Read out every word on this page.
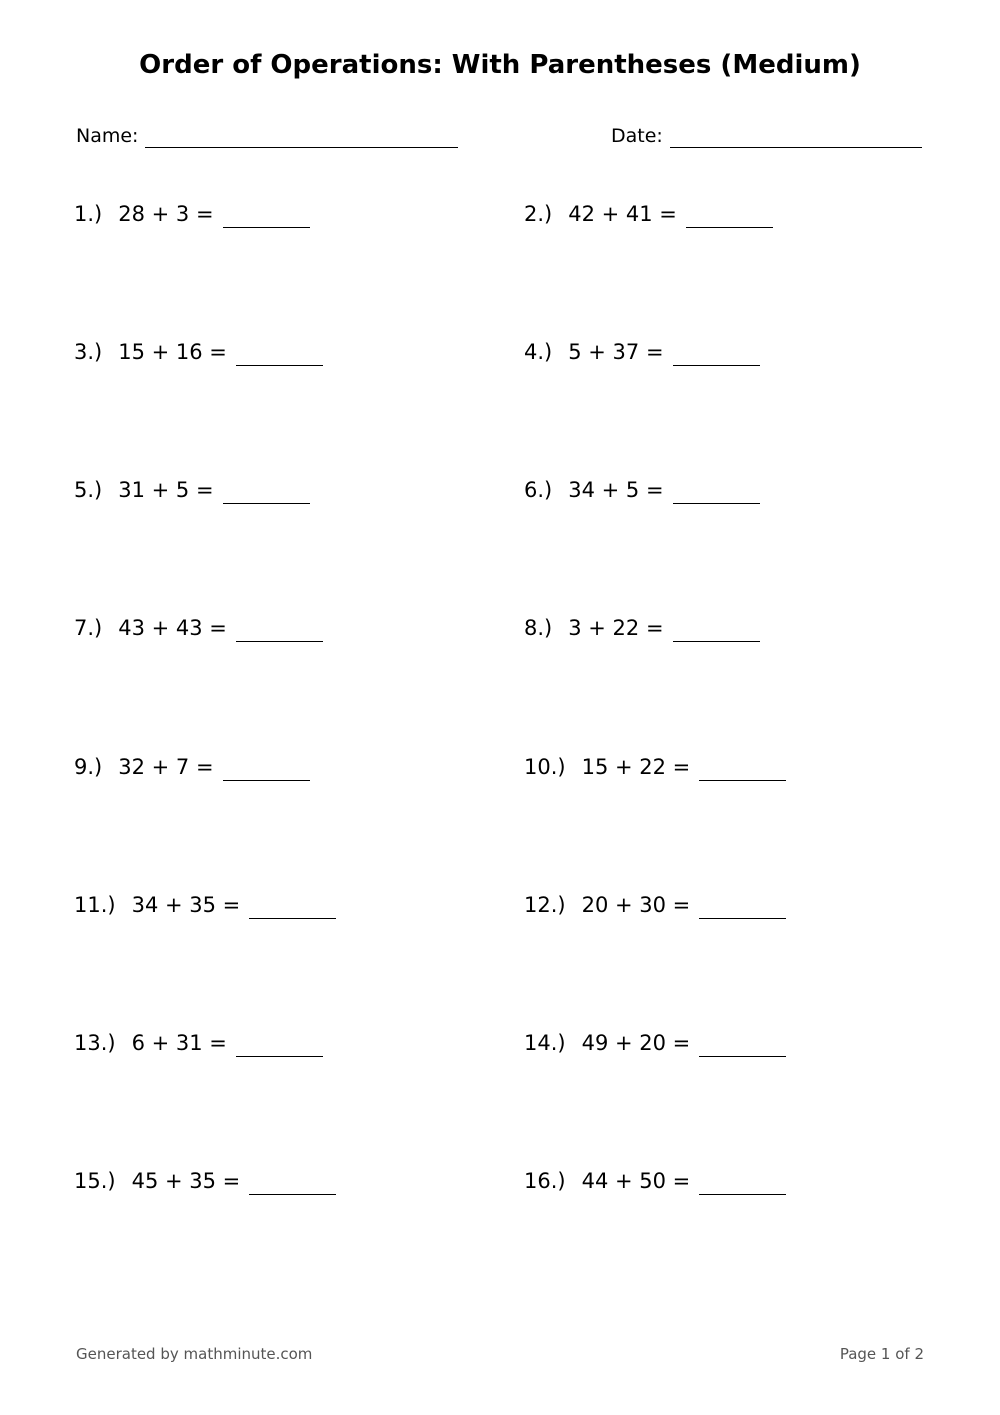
Order of Operations: With Parentheses (Medium)
Name:	Date:
1.) 28 + 3 =	2.) 42 + 41 =
3.) 15 + 16 =	4.) 5 + 37 =
5.) 31 + 5 =	6.) 34 + 5 =
7.) 43 + 43 =	8.) 3 + 22 =
9.) 32 + 7 =	10.) 15 + 22 =
11.) 34 + 35 =	12.) 20 + 30 =
13.) 6 + 31 =	14.) 49 + 20 =
15.) 45 + 35 =	16.) 44 + 50 =
Generated by mathminute.com	Page 1 of 2
